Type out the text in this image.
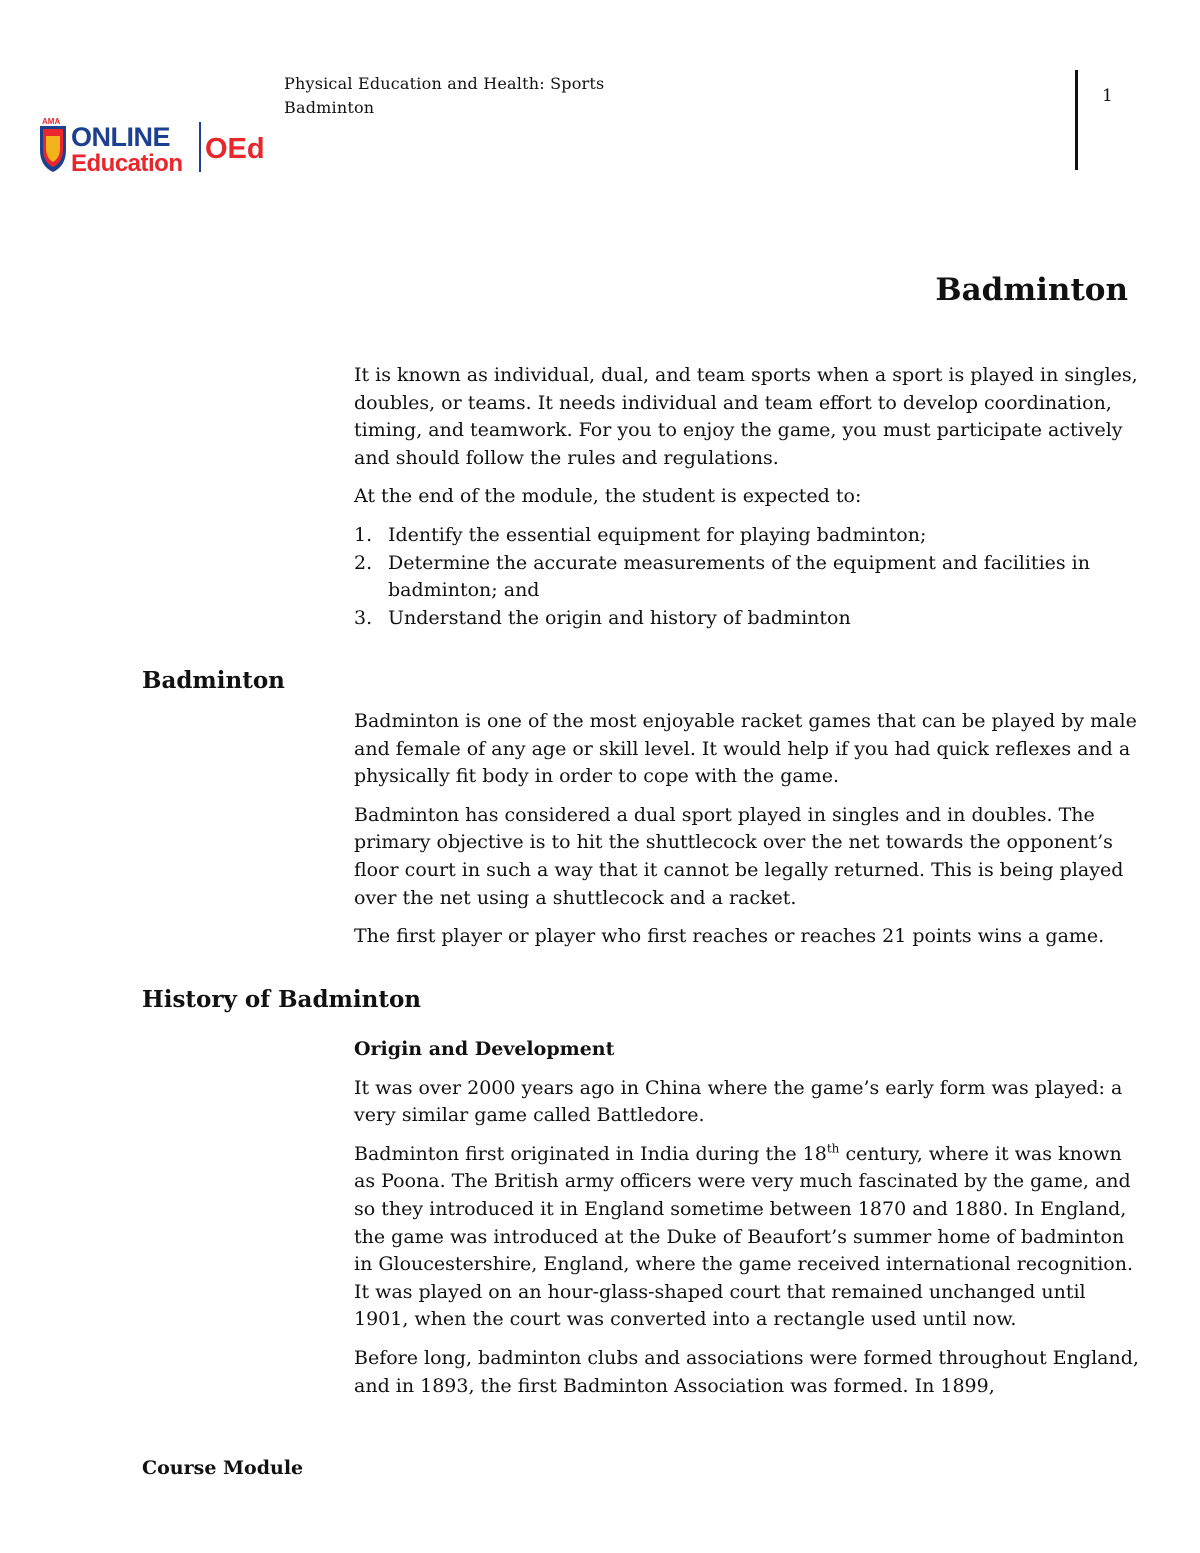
AMA
ONLINE
Education OEd
Physical Education and Health: Sports
Badminton
1
Badminton

It is known as individual, dual, and team sports when a sport is played in singles, doubles, or teams. It needs individual and team effort to develop coordination, timing, and teamwork. For you to enjoy the game, you must participate actively and should follow the rules and regulations.

At the end of the module, the student is expected to:

1. Identify the essential equipment for playing badminton;
2. Determine the accurate measurements of the equipment and facilities in badminton; and
3. Understand the origin and history of badminton
Badminton

Badminton is one of the most enjoyable racket games that can be played by male and female of any age or skill level. It would help if you had quick reflexes and a physically fit body in order to cope with the game.

Badminton has considered a dual sport played in singles and in doubles. The primary objective is to hit the shuttlecock over the net towards the opponent’s floor court in such a way that it cannot be legally returned. This is being played over the net using a shuttlecock and a racket.

The first player or player who first reaches or reaches 21 points wins a game.

History of Badminton

Origin and Development

It was over 2000 years ago in China where the game’s early form was played: a very similar game called Battledore.

Badminton first originated in India during the 18th century, where it was known as Poona. The British army officers were very much fascinated by the game, and so they introduced it in England sometime between 1870 and 1880. In England, the game was introduced at the Duke of Beaufort’s summer home of badminton in Gloucestershire, England, where the game received international recognition. It was played on an hour-glass-shaped court that remained unchanged until 1901, when the court was converted into a rectangle used until now.

Before long, badminton clubs and associations were formed throughout England, and in 1893, the first Badminton Association was formed. In 1899,

Course Module
